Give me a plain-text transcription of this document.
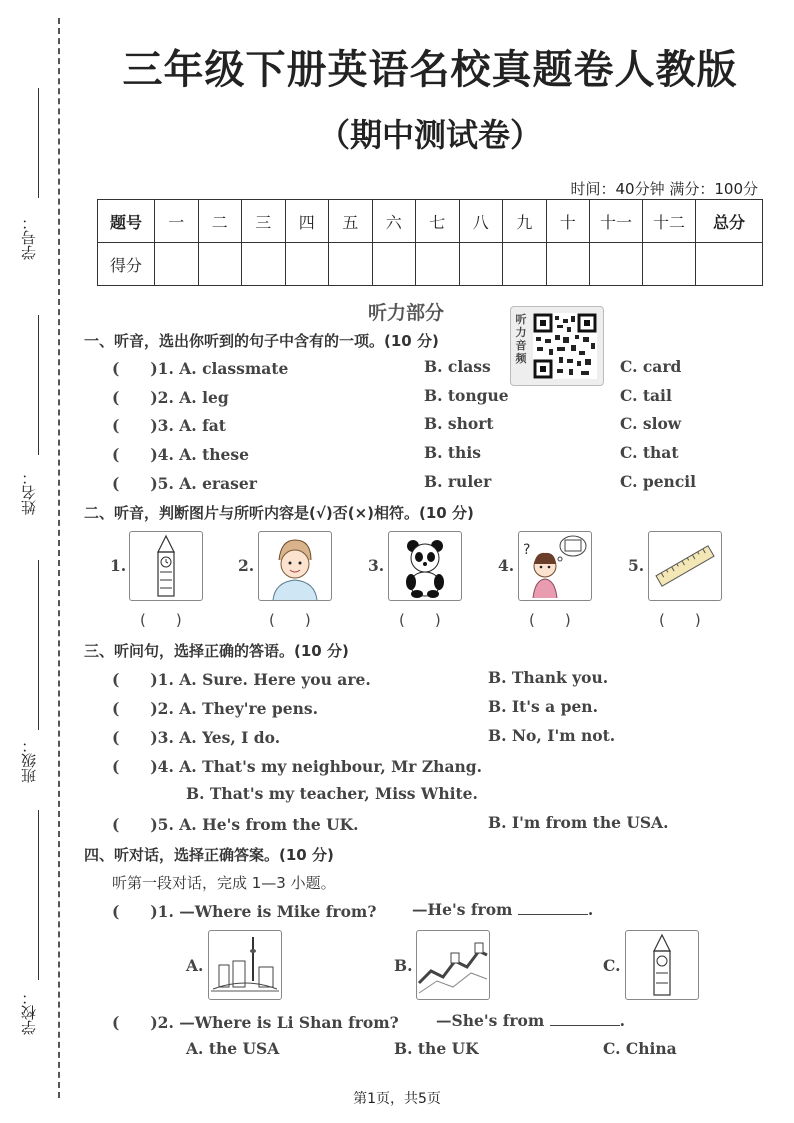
学号：
姓名：
班级：
学校：
三年级下册英语名校真题卷人教版
（期中测试卷）
时间：40分钟 满分：100分
题号	一	二	三	四	五	六	七	八	九	十	十一	十二	总分
得分													
听力部分	听力音频
一、听音，选出你听到的句子中含有的一项。(10 分)
(　　)1. A. classmate	B. class	C. card
(　　)2. A. leg	B. tongue	C. tail
(　　)3. A. fat	B. short	C. slow
(　　)4. A. these	B. this	C. that
(　　)5. A. eraser	B. ruler	C. pencil
二、听音，判断图片与所听内容是(√)否(×)相符。(10 分)
1.	2.	3.	4.
?
5.
(　　)	(　　)	(　　)	(　　)	(　　)
三、听问句，选择正确的答语。(10 分)
(　　)1. A. Sure. Here you are.	B. Thank you.
(　　)2. A. They're pens.	B. It's a pen.
(　　)3. A. Yes, I do.	B. No, I'm not.
(　　)4. A. That's my neighbour, Mr Zhang.
B. That's my teacher, Miss White.
(　　)5. A. He's from the UK.	B. I'm from the USA.
四、听对话，选择正确答案。(10 分)
听第一段对话，完成 1—3 小题。
(　　)1. —Where is Mike from? —He's from	.
A.	B.	C.
(　　)2. —Where is Li Shan from? —She's from	.
A. the USA	B. the UK	C. China
第1页，共5页
